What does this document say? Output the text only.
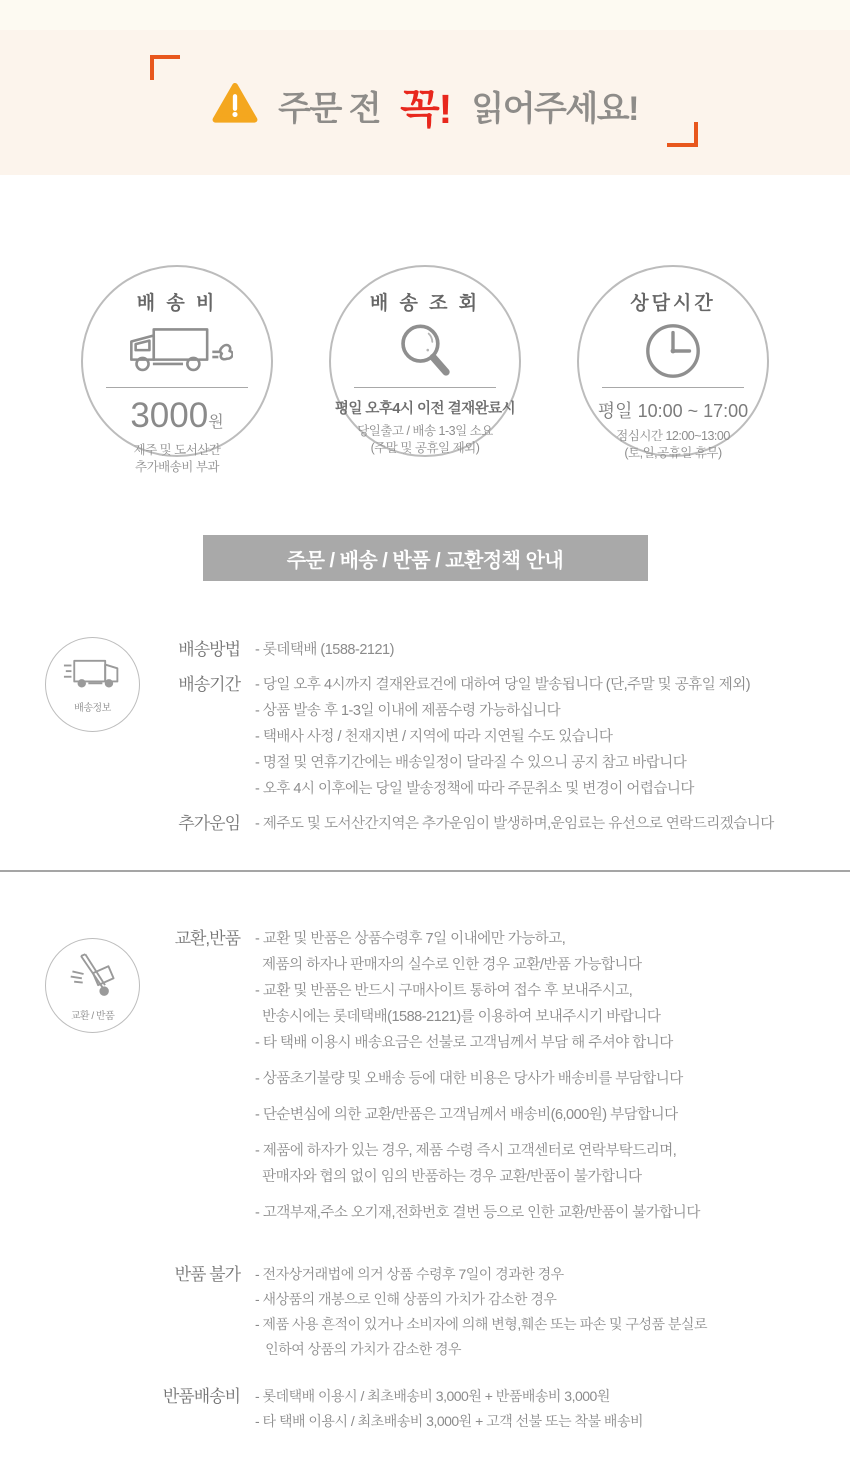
주문 전 꼭! 읽어주세요!
배 송 비
3000원
제주 및 도서산간
추가배송비 부과
배 송 조 회
평일 오후4시 이전 결재완료시
당일출고 / 배송 1-3일 소요
(주말 및 공휴일 제외)
상담시간
평일 10:00 ~ 17:00
점심시간 12:00~13:00
(토,일,공휴일 휴무)
주문 / 배송 / 반품 / 교환정책 안내
배송정보
배송방법 - 롯데택배 (1588-2121)
배송기간 - 당일 오후 4시까지 결재완료건에 대하여 당일 발송됩니다 (단,주말 및 공휴일 제외)
- 상품 발송 후 1-3일 이내에 제품수령 가능하십니다
- 택배사 사정 / 천재지변 / 지역에 따라 지연될 수도 있습니다
- 명절 및 연휴기간에는 배송일정이 달라질 수 있으니 공지 참고 바랍니다
- 오후 4시 이후에는 당일 발송정책에 따라 주문취소 및 변경이 어렵습니다
추가운임 - 제주도 및 도서산간지역은 추가운임이 발생하며,운임료는 유선으로 연락드리겠습니다
교환 / 반품
교환,반품 - 교환 및 반품은 상품수령후 7일 이내에만 가능하고,
제품의 하자나 판매자의 실수로 인한 경우 교환/반품 가능합니다
- 교환 및 반품은 반드시 구매사이트 통하여 접수 후 보내주시고,
반송시에는 롯데택배(1588-2121)를 이용하여 보내주시기 바랍니다
- 타 택배 이용시 배송요금은 선불로 고객님께서 부담 해 주셔야 합니다
- 상품초기불량 및 오배송 등에 대한 비용은 당사가 배송비를 부담합니다
- 단순변심에 의한 교환/반품은 고객님께서 배송비(6,000원) 부담합니다
- 제품에 하자가 있는 경우, 제품 수령 즉시 고객센터로 연락부탁드리며,
판매자와 협의 없이 임의 반품하는 경우 교환/반품이 불가합니다
- 고객부재,주소 오기재,전화번호 결번 등으로 인한 교환/반품이 불가합니다
반품 불가 - 전자상거래법에 의거 상품 수령후 7일이 경과한 경우
- 새상품의 개봉으로 인해 상품의 가치가 감소한 경우
- 제품 사용 흔적이 있거나 소비자에 의해 변형,훼손 또는 파손 및 구성품 분실로
인하여 상품의 가치가 감소한 경우
반품배송비 - 롯데택배 이용시 / 최초배송비 3,000원 + 반품배송비 3,000원
- 타 택배 이용시 / 최초배송비 3,000원 + 고객 선불 또는 착불 배송비
